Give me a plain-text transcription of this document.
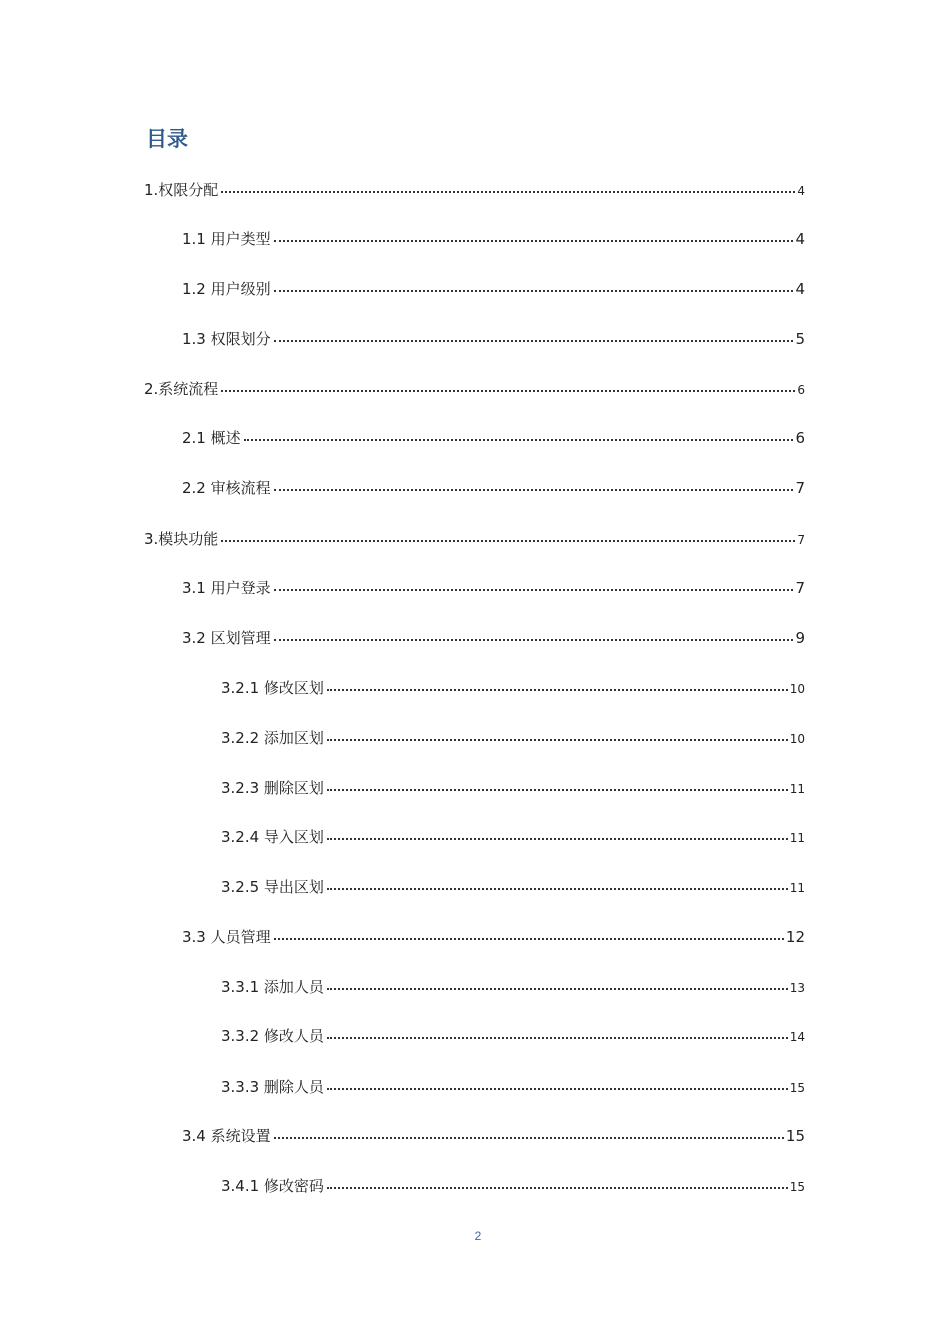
目录
1.权限分配	4
1.1 用户类型	4
1.2 用户级别	4
1.3 权限划分	5
2.系统流程	6
2.1 概述	6
2.2 审核流程	7
3.模块功能	7
3.1 用户登录	7
3.2 区划管理	9
3.2.1 修改区划	10
3.2.2 添加区划	10
3.2.3 删除区划	11
3.2.4 导入区划	11
3.2.5 导出区划	11
3.3 人员管理	12
3.3.1 添加人员	13
3.3.2 修改人员	14
3.3.3 删除人员	15
3.4 系统设置	15
3.4.1 修改密码	15
2
